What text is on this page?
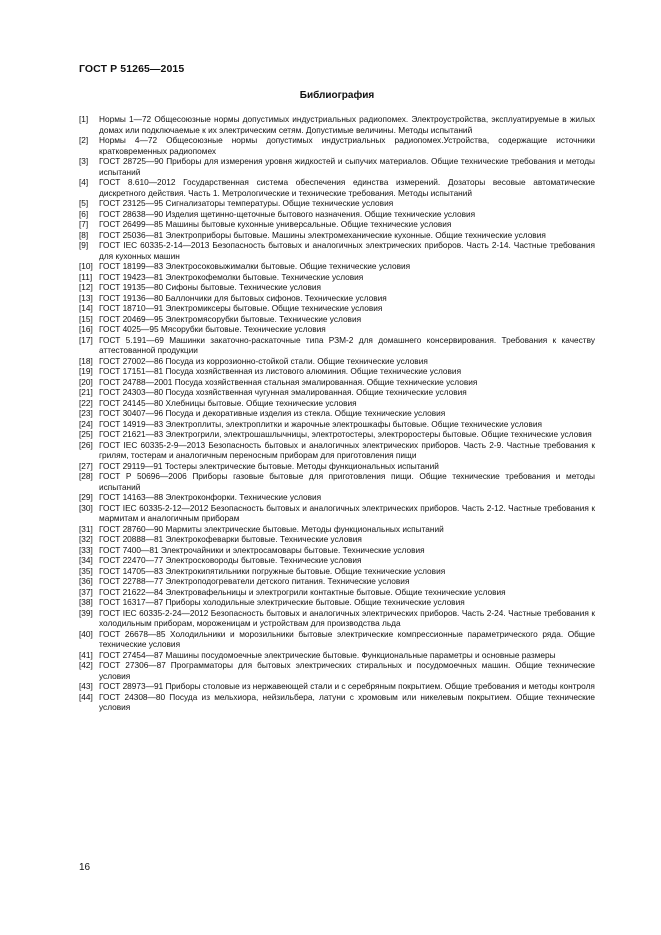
ГОСТ Р 51265—2015
Библиография
[1]	Нормы 1—72 Общесоюзные нормы допустимых индустриальных радиопомех. Электроустройства, эксплуатируемые в жилых домах или подключаемые к их электрическим сетям. Допустимые величины. Методы испытаний
[2]	Нормы 4—72 Общесоюзные нормы допустимых индустриальных радиопомех.Устройства, содержащие источники кратковременных радиопомех
[3]	ГОСТ 28725—90 Приборы для измерения уровня жидкостей и сыпучих материалов. Общие технические требования и методы испытаний
[4]	ГОСТ 8.610—2012 Государственная система обеспечения единства измерений. Дозаторы весовые автоматические дискретного действия. Часть 1. Метрологические и технические требования. Методы испытаний
[5]	ГОСТ 23125—95 Сигнализаторы температуры. Общие технические условия
[6]	ГОСТ 28638—90 Изделия щетинно-щеточные бытового назначения. Общие технические условия
[7]	ГОСТ 26499—85 Машины бытовые кухонные универсальные. Общие технические условия
[8]	ГОСТ 25036—81 Электроприборы бытовые. Машины электромеханические кухонные. Общие технические условия
[9]	ГОСТ IEC 60335-2-14—2013 Безопасность бытовых и аналогичных электрических приборов. Часть 2-14. Частные требования для кухонных машин
[10] ГОСТ 18199—83 Электросоковыжималки бытовые. Общие технические условия
[11] ГОСТ 19423—81 Электрокофемолки бытовые. Технические условия
[12] ГОСТ 19135—80 Сифоны бытовые. Технические условия
[13] ГОСТ 19136—80 Баллончики для бытовых сифонов. Технические условия
[14] ГОСТ 18710—91 Электромиксеры бытовые. Общие технические условия
[15] ГОСТ 20469—95 Электромясорубки бытовые. Технические условия
[16] ГОСТ 4025—95 Мясорубки бытовые. Технические условия
[17] ГОСТ 5.191—69 Машинки закаточно-раскаточные типа РЗМ-2 для домашнего консервирования. Требования к качеству аттестованной продукции
[18] ГОСТ 27002—86 Посуда из коррозионно-стойкой стали. Общие технические условия
[19] ГОСТ 17151—81 Посуда хозяйственная из листового алюминия. Общие технические условия
[20] ГОСТ 24788—2001 Посуда хозяйственная стальная эмалированная. Общие технические условия
[21] ГОСТ 24303—80 Посуда хозяйственная чугунная эмалированная. Общие технические условия
[22] ГОСТ 24145—80 Хлебницы бытовые. Общие технические условия
[23] ГОСТ 30407—96 Посуда и декоративные изделия из стекла. Общие технические условия
[24] ГОСТ 14919—83 Электроплиты, электроплитки и жарочные электрошкафы бытовые. Общие технические условия
[25] ГОСТ 21621—83 Электрогрили, электрошашлычницы, электротостеры, электроростеры бытовые. Общие технические условия
[26] ГОСТ IEC 60335-2-9—2013 Безопасность бытовых и аналогичных электрических приборов. Часть 2-9. Частные требования к грилям, тостерам и аналогичным переносным приборам для приготовления пищи
[27] ГОСТ 29119—91 Тостеры электрические бытовые. Методы функциональных испытаний
[28] ГОСТ Р 50696—2006 Приборы газовые бытовые для приготовления пищи. Общие технические требования и методы испытаний
[29] ГОСТ 14163—88 Электроконфорки. Технические условия
[30] ГОСТ IEC 60335-2-12—2012 Безопасность бытовых и аналогичных электрических приборов. Часть 2-12. Частные требования к мармитам и аналогичным приборам
[31] ГОСТ 28760—90 Мармиты электрические бытовые. Методы функциональных испытаний
[32] ГОСТ 20888—81 Электрокофеварки бытовые. Технические условия
[33] ГОСТ 7400—81 Электрочайники и электросамовары бытовые. Технические условия
[34] ГОСТ 22470—77 Электросковороды бытовые. Технические условия
[35] ГОСТ 14705—83 Электрокипятильники погружные бытовые. Общие технические условия
[36] ГОСТ 22788—77 Электроподогреватели детского питания. Технические условия
[37] ГОСТ 21622—84 Электровафельницы и электрогрили контактные бытовые. Общие технические условия
[38] ГОСТ 16317—87 Приборы холодильные электрические бытовые. Общие технические условия
[39] ГОСТ IEC 60335-2-24—2012 Безопасность бытовых и аналогичных электрических приборов. Часть 2-24. Частные требования к холодильным приборам, мороженицам и устройствам для производства льда
[40] ГОСТ 26678—85 Холодильники и морозильники бытовые электрические компрессионные параметрического ряда. Общие технические условия
[41] ГОСТ 27454—87 Машины посудомоечные электрические бытовые. Функциональные параметры и основные размеры
[42] ГОСТ 27306—87 Программаторы для бытовых электрических стиральных и посудомоечных машин. Общие технические условия
[43] ГОСТ 28973—91 Приборы столовые из нержавеющей стали и с серебряным покрытием. Общие требования и методы контроля
[44] ГОСТ 24308—80 Посуда из мельхиора, нейзильбера, латуни с хромовым или никелевым покрытием. Общие технические условия
16
